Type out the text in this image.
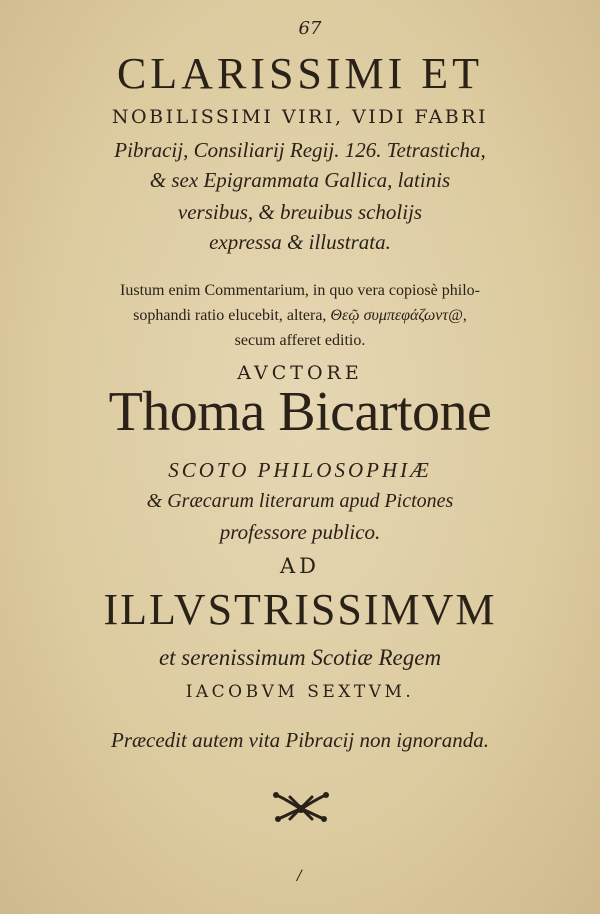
67
CLARISSIMI ET
NOBILISSIMI VIRI, VIDI FABRI
Pibracij, Consiliarij Regij. 126. Tetrasticha,
& sex Epigrammata Gallica, latinis
versibus, & breuibus scholijs
expressa & illustrata.
Iustum enim Commentarium, in quo vera copiosè philo-
sophandi ratio elucebit, altera, Θεῷ συμπεφάζωντ@,
secum afferet editio.
AVCTORE
Thoma Bicartone
SCOTO PHILOSOPHIÆ
& Græcarum literarum apud Pictones
professore publico.
AD
ILLVSTRISSIMVM
et serenissimum Scotiæ Regem
IACOBVM SEXTVM.
Præcedit autem vita Pibracij non ignoranda.
/
